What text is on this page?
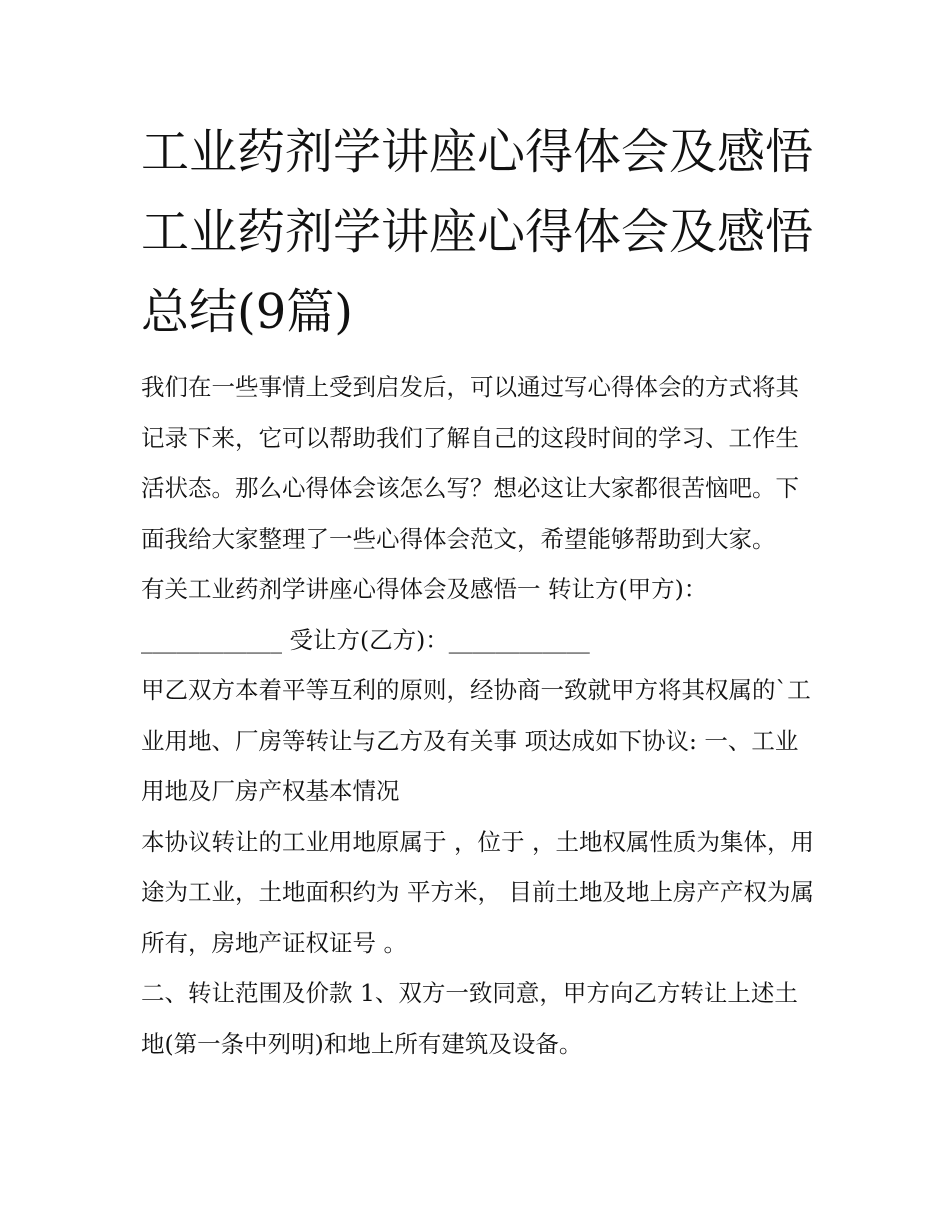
工业药剂学讲座心得体会及感悟 工业药剂学讲座心得体会及感悟总结(9篇)

我们在一些事情上受到启发后，可以通过写心得体会的方式将其记录下来，它可以帮助我们了解自己的这段时间的学习、工作生活状态。那么心得体会该怎么写？想必这让大家都很苦恼吧。下面我给大家整理了一些心得体会范文，希望能够帮助到大家。

有关工业药剂学讲座心得体会及感悟一 转让方(甲方)：

____________ 受让方(乙方)：____________

甲乙双方本着平等互利的原则，经协商一致就甲方将其权属的`工业用地、厂房等转让与乙方及有关事 项达成如下协议: 一、工业用地及厂房产权基本情况

本协议转让的工业用地原属于 ，位于 ，土地权属性质为集体，用途为工业，土地面积约为 平方米， 目前土地及地上房产产权为属 所有，房地产证权证号 。

二、转让范围及价款 1、双方一致同意，甲方向乙方转让上述土地(第一条中列明)和地上所有建筑及设备。
